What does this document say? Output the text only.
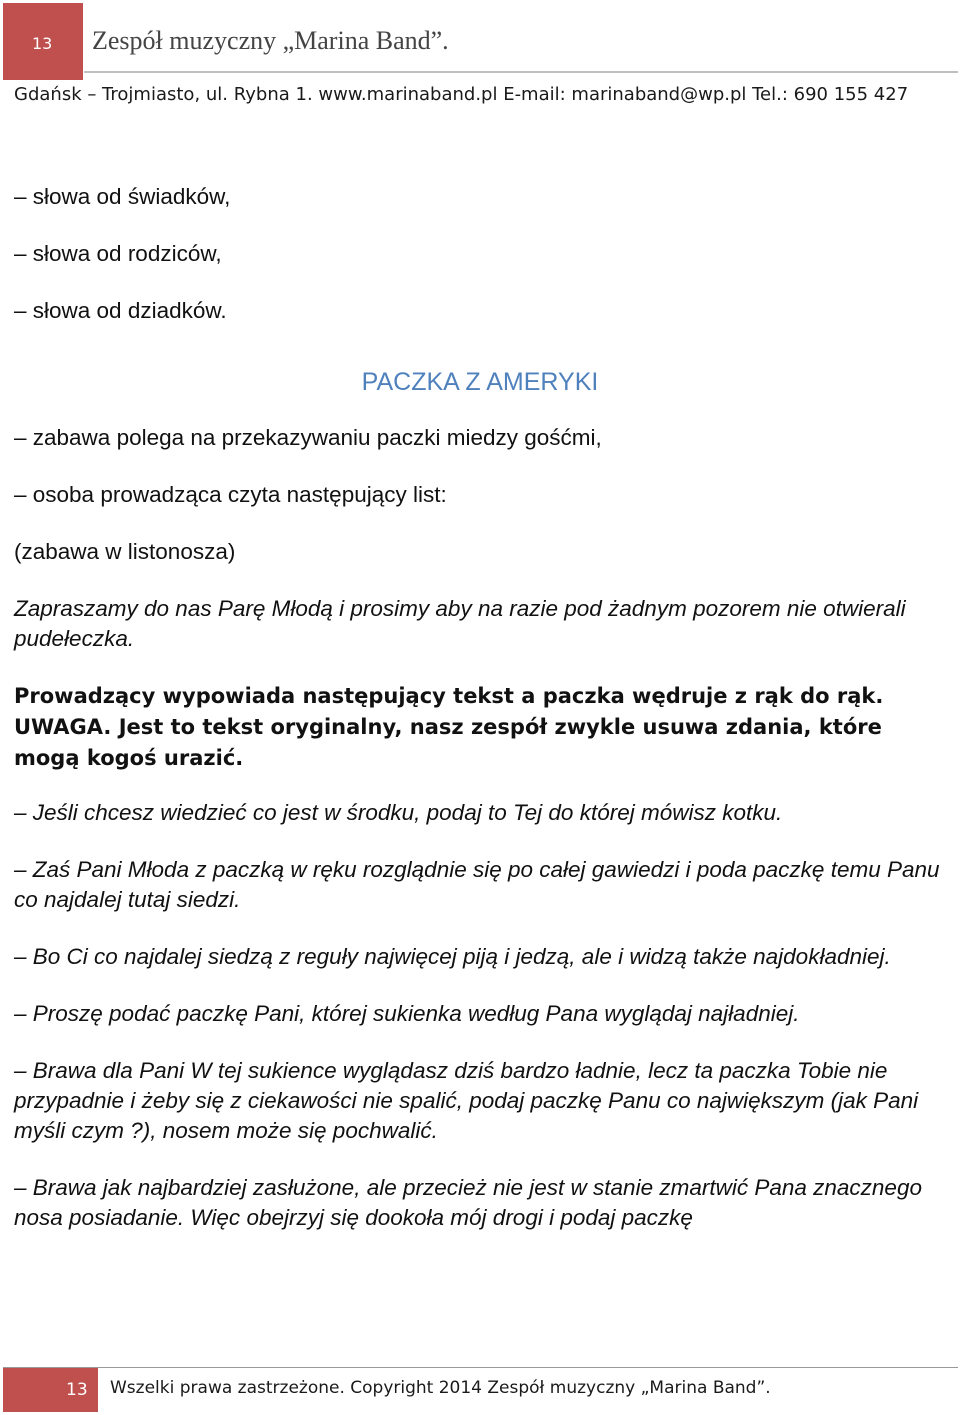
13	Zespół muzyczny „Marina Band”.
Gdańsk – Trojmiasto, ul. Rybna 1. www.marinaband.pl E-mail: marinaband@wp.pl Tel.: 690 155 427

– słowa od świadków,

– słowa od rodziców,

– słowa od dziadków.

PACZKA Z AMERYKI

– zabawa polega na przekazywaniu paczki miedzy gośćmi,

– osoba prowadząca czyta następujący list:

(zabawa w listonosza)

Zapraszamy do nas Parę Młodą i prosimy aby na razie pod żadnym pozorem nie otwierali pudełeczka.

Prowadzący wypowiada następujący tekst a paczka wędruje z rąk do rąk.

UWAGA. Jest to tekst oryginalny, nasz zespół zwykle usuwa zdania, które mogą kogoś urazić.

– Jeśli chcesz wiedzieć co jest w środku, podaj to Tej do której mówisz kotku.

– Zaś Pani Młoda z paczką w ręku rozglądnie się po całej gawiedzi i poda paczkę temu Panu co najdalej tutaj siedzi.

– Bo Ci co najdalej siedzą z reguły najwięcej piją i jedzą, ale i widzą także najdokładniej.

– Proszę podać paczkę Pani, której sukienka według Pana wyglądaj najładniej.

– Brawa dla Pani W tej sukience wyglądasz dziś bardzo ładnie, lecz ta paczka Tobie nie przypadnie i żeby się z ciekawości nie spalić, podaj paczkę Panu co największym (jak Pani myśli czym ?), nosem może się pochwalić.

– Brawa jak najbardziej zasłużone, ale przecież nie jest w stanie zmartwić Pana znacznego nosa posiadanie. Więc obejrzyj się dookoła mój drogi i podaj paczkę

13	Wszelki prawa zastrzeżone. Copyright 2014 Zespół muzyczny „Marina Band”.
